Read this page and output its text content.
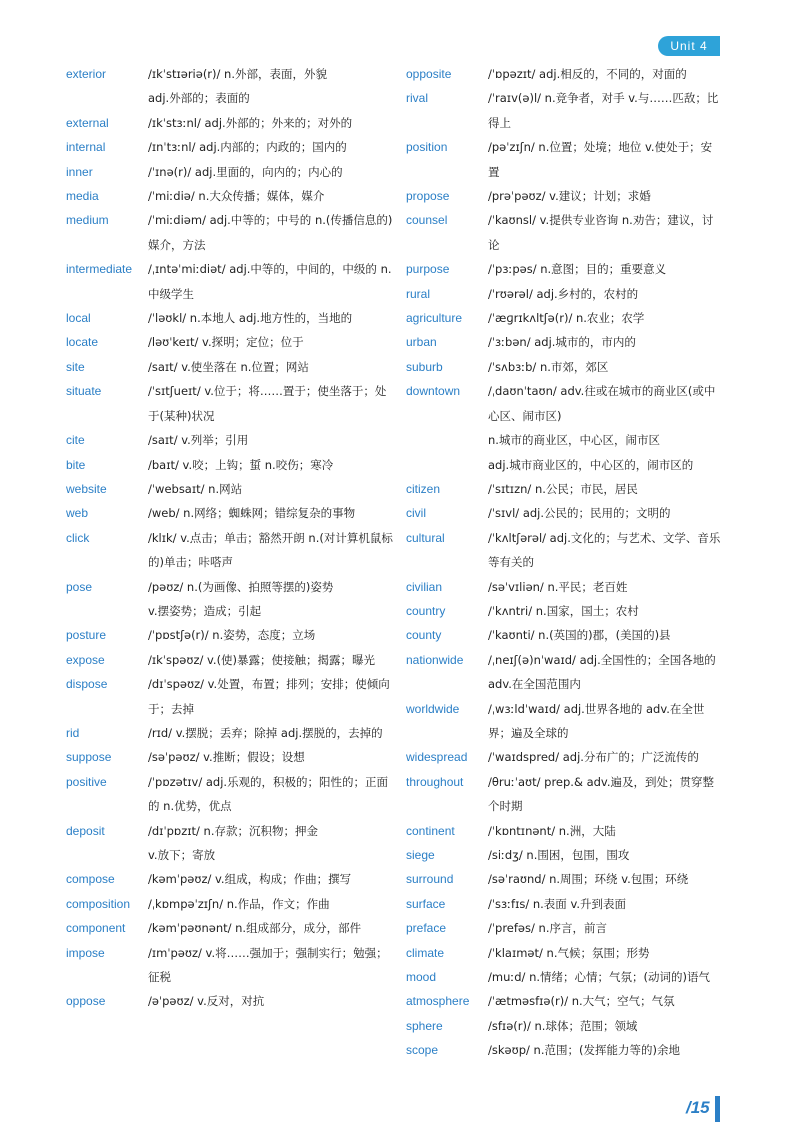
Unit 4
exterior	/ɪkˈstɪəriə(r)/ n.外部，表面，外貌
adj.外部的；表面的
external	/ɪkˈstɜːnl/ adj.外部的；外来的；对外的
internal	/ɪnˈtɜːnl/ adj.内部的；内政的；国内的
inner	/ˈɪnə(r)/ adj.里面的，向内的；内心的
media	/ˈmiːdiə/ n.大众传播；媒体，媒介
medium	/ˈmiːdiəm/ adj.中等的；中号的 n.(传播信息的)媒介，方法
intermediate	/ˌɪntəˈmiːdiət/ adj.中等的，中间的，中级的 n.中级学生
local	/ˈləʊkl/ n.本地人 adj.地方性的，当地的
locate	/ləʊˈkeɪt/ v.探明；定位；位于
site	/saɪt/ v.使坐落在 n.位置；网站
situate	/ˈsɪtʃueɪt/ v.位于；将……置于；使坐落于；处于(某种)状况
cite	/saɪt/ v.列举；引用
bite	/baɪt/ v.咬；上钩；蜇 n.咬伤；寒冷
website	/ˈwebsaɪt/ n.网站
web	/web/ n.网络；蜘蛛网；错综复杂的事物
click	/klɪk/ v.点击；单击；豁然开朗 n.(对计算机鼠标的)单击；咔嗒声
pose	/pəʊz/ n.(为画像、拍照等摆的)姿势
v.摆姿势；造成；引起
posture	/ˈpɒstʃə(r)/ n.姿势，态度；立场
expose	/ɪkˈspəʊz/ v.(使)暴露；使接触；揭露；曝光
dispose	/dɪˈspəʊz/ v.处置，布置；排列；安排；使倾向于；去掉
rid	/rɪd/ v.摆脱；丢弃；除掉 adj.摆脱的，去掉的
suppose	/səˈpəʊz/ v.推断；假设；设想
positive	/ˈpɒzətɪv/ adj.乐观的，积极的；阳性的；正面的 n.优势，优点
deposit	/dɪˈpɒzɪt/ n.存款；沉积物；押金
v.放下；寄放
compose	/kəmˈpəʊz/ v.组成，构成；作曲；撰写
composition	/ˌkɒmpəˈzɪʃn/ n.作品，作文；作曲
component	/kəmˈpəʊnənt/ n.组成部分，成分，部件
impose	/ɪmˈpəʊz/ v.将……强加于；强制实行；勉强；征税
oppose	/əˈpəʊz/ v.反对，对抗
opposite	/ˈɒpəzɪt/ adj.相反的，不同的，对面的
rival	/ˈraɪv(ə)l/ n.竞争者，对手 v.与……匹敌；比得上
position	/pəˈzɪʃn/ n.位置；处境；地位 v.使处于；安置
propose	/prəˈpəʊz/ v.建议；计划；求婚
counsel	/ˈkaʊnsl/ v.提供专业咨询 n.劝告；建议，讨论
purpose	/ˈpɜːpəs/ n.意图；目的；重要意义
rural	/ˈrʊərəl/ adj.乡村的，农村的
agriculture	/ˈæɡrɪkʌltʃə(r)/ n.农业；农学
urban	/ˈɜːbən/ adj.城市的，市内的
suburb	/ˈsʌbɜːb/ n.市郊，郊区
downtown	/ˌdaʊnˈtaʊn/ adv.往或在城市的商业区(或中心区、闹市区)
n.城市的商业区，中心区，闹市区
adj.城市商业区的，中心区的，闹市区的
citizen	/ˈsɪtɪzn/ n.公民；市民，居民
civil	/ˈsɪvl/ adj.公民的；民用的；文明的
cultural	/ˈkʌltʃərəl/ adj.文化的；与艺术、文学、音乐等有关的
civilian	/səˈvɪliən/ n.平民；老百姓
country	/ˈkʌntri/ n.国家，国土；农村
county	/ˈkaʊnti/ n.(英国的)郡，(美国的)县
nationwide	/ˌneɪʃ(ə)nˈwaɪd/ adj.全国性的；全国各地的 adv.在全国范围内
worldwide	/ˌwɜːldˈwaɪd/ adj.世界各地的 adv.在全世界；遍及全球的
widespread	/ˈwaɪdspred/ adj.分布广的；广泛流传的
throughout	/θruːˈaʊt/ prep.& adv.遍及，到处；贯穿整个时期
continent	/ˈkɒntɪnənt/ n.洲，大陆
siege	/siːdʒ/ n.围困，包围，围攻
surround	/səˈraʊnd/ n.周围；环绕 v.包围；环绕
surface	/ˈsɜːfɪs/ n.表面 v.升到表面
preface	/ˈprefəs/ n.序言，前言
climate	/ˈklaɪmət/ n.气候；氛围；形势
mood	/muːd/ n.情绪；心情；气氛；(动词的)语气
atmosphere	/ˈætməsfɪə(r)/ n.大气；空气；气氛
sphere	/sfɪə(r)/ n.球体；范围；领域
scope	/skəʊp/ n.范围；(发挥能力等的)余地
/15
